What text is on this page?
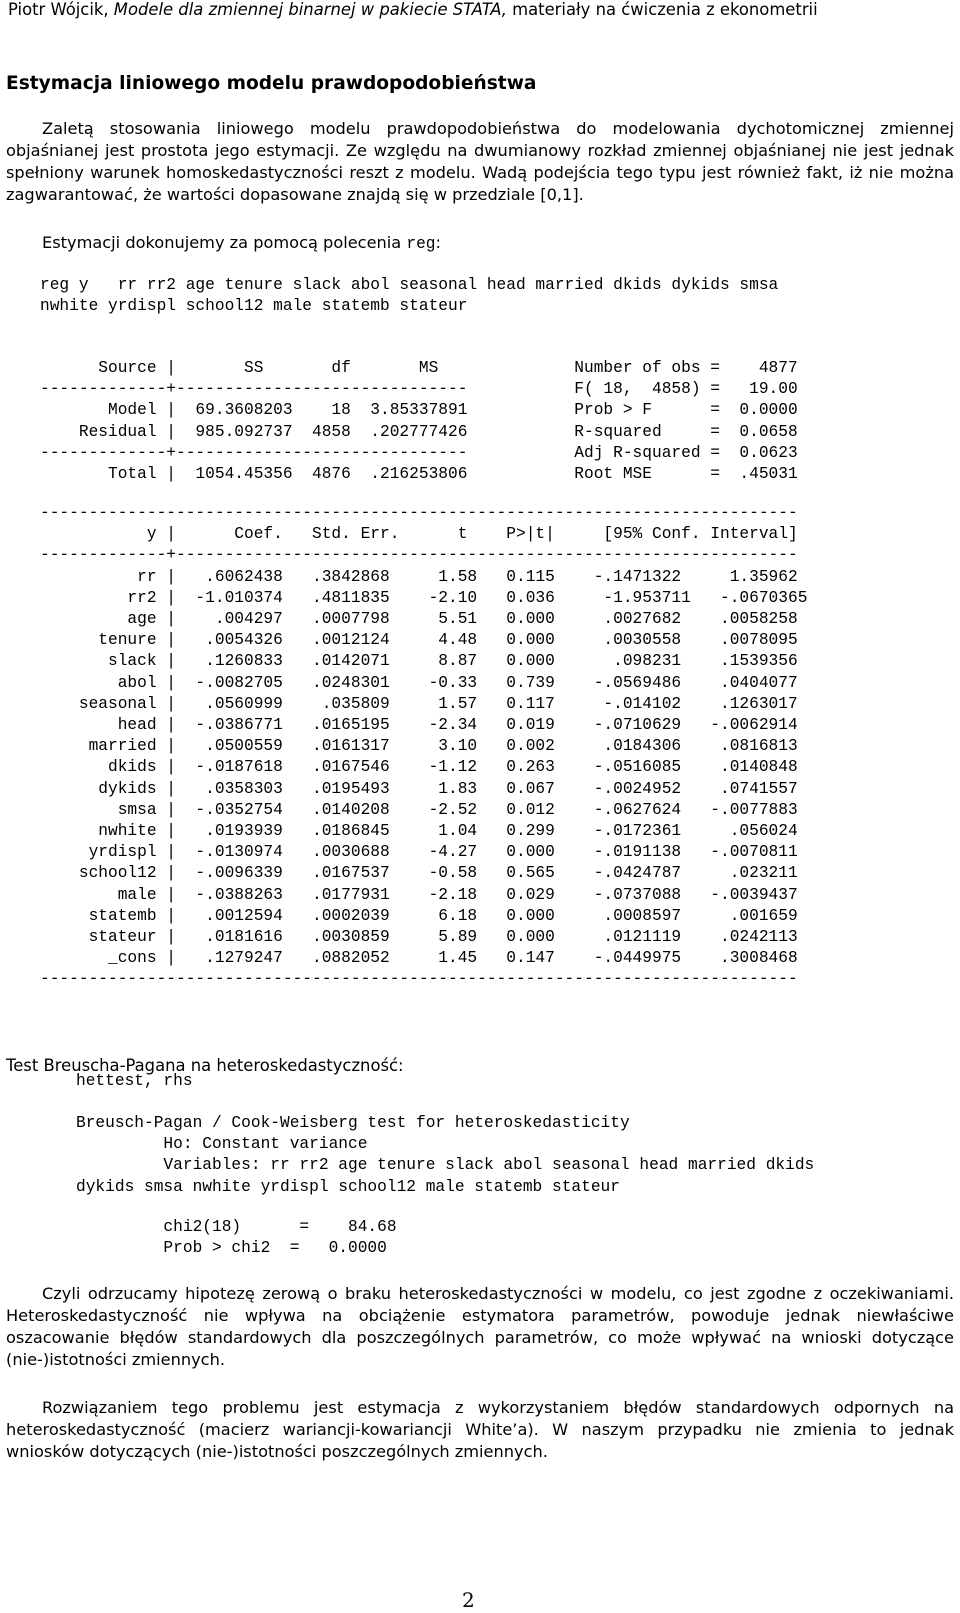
Piotr Wójcik, Modele dla zmiennej binarnej w pakiecie STATA, materiały na ćwiczenia z ekonometrii
Estymacja liniowego modelu prawdopodobieństwa

Zaletą stosowania liniowego modelu prawdopodobieństwa do modelowania dychotomicznej zmiennej objaśnianej jest prostota jego estymacji. Ze względu na dwumianowy rozkład zmiennej objaśnianej nie jest jednak spełniony warunek homoskedastyczności reszt z modelu. Wadą podejścia tego typu jest również fakt, iż nie można zagwarantować, że wartości dopasowane znajdą się w przedziale [0,1].

Estymacji dokonujemy za pomocą polecenia reg:

reg y   rr rr2 age tenure slack abol seasonal head married dkids dykids smsa
nwhite yrdispl school12 male statemb stateur
Source |       SS       df       MS              Number of obs =    4877
-------------+------------------------------           F( 18,  4858) =   19.00
Model |  69.3608203    18  3.85337891           Prob > F      =  0.0000
Residual |  985.092737  4858  .202777426           R-squared     =  0.0658
-------------+------------------------------           Adj R-squared =  0.0623
Total |  1054.45356  4876  .216253806           Root MSE      =  .45031
------------------------------------------------------------------------------
y |      Coef.   Std. Err.      t    P>|t|     [95% Conf. Interval]
-------------+----------------------------------------------------------------
rr |   .6062438   .3842868     1.58   0.115    -.1471322     1.35962
rr2 |  -1.010374   .4811835    -2.10   0.036     -1.953711   -.0670365
age |    .004297   .0007798     5.51   0.000     .0027682    .0058258
tenure |   .0054326   .0012124     4.48   0.000     .0030558    .0078095
slack |   .1260833   .0142071     8.87   0.000      .098231    .1539356
abol |  -.0082705   .0248301    -0.33   0.739    -.0569486    .0404077
seasonal |   .0560999    .035809     1.57   0.117     -.014102    .1263017
head |  -.0386771   .0165195    -2.34   0.019    -.0710629   -.0062914
married |   .0500559   .0161317     3.10   0.002     .0184306    .0816813
dkids |  -.0187618   .0167546    -1.12   0.263    -.0516085    .0140848
dykids |   .0358303   .0195493     1.83   0.067    -.0024952    .0741557
smsa |  -.0352754   .0140208    -2.52   0.012    -.0627624   -.0077883
nwhite |   .0193939   .0186845     1.04   0.299    -.0172361     .056024
yrdispl |  -.0130974   .0030688    -4.27   0.000    -.0191138   -.0070811
school12 |  -.0096339   .0167537    -0.58   0.565    -.0424787     .023211
male |  -.0388263   .0177931    -2.18   0.029    -.0737088   -.0039437
statemb |   .0012594   .0002039     6.18   0.000     .0008597     .001659
stateur |   .0181616   .0030859     5.89   0.000     .0121119    .0242113
_cons |   .1279247   .0882052     1.45   0.147    -.0449975    .3008468
------------------------------------------------------------------------------
Test Breuscha-Pagana na heteroskedastyczność:
hettest, rhs
Breusch-Pagan / Cook-Weisberg test for heteroskedasticity
Ho: Constant variance
Variables: rr rr2 age tenure slack abol seasonal head married dkids
dykids smsa nwhite yrdispl school12 male statemb stateur
chi2(18)      =    84.68
Prob > chi2  =   0.0000

Czyli odrzucamy hipotezę zerową o braku heteroskedastyczności w modelu, co jest zgodne z oczekiwaniami. Heteroskedastyczność nie wpływa na obciążenie estymatora parametrów, powoduje jednak niewłaściwe oszacowanie błędów standardowych dla poszczególnych parametrów, co może wpływać na wnioski dotyczące (nie-)istotności zmiennych.

Rozwiązaniem tego problemu jest estymacja z wykorzystaniem błędów standardowych odpornych na heteroskedastyczność (macierz wariancji-kowariancji White’a). W naszym przypadku nie zmienia to jednak wniosków dotyczących (nie-)istotności poszczególnych zmiennych.

2
